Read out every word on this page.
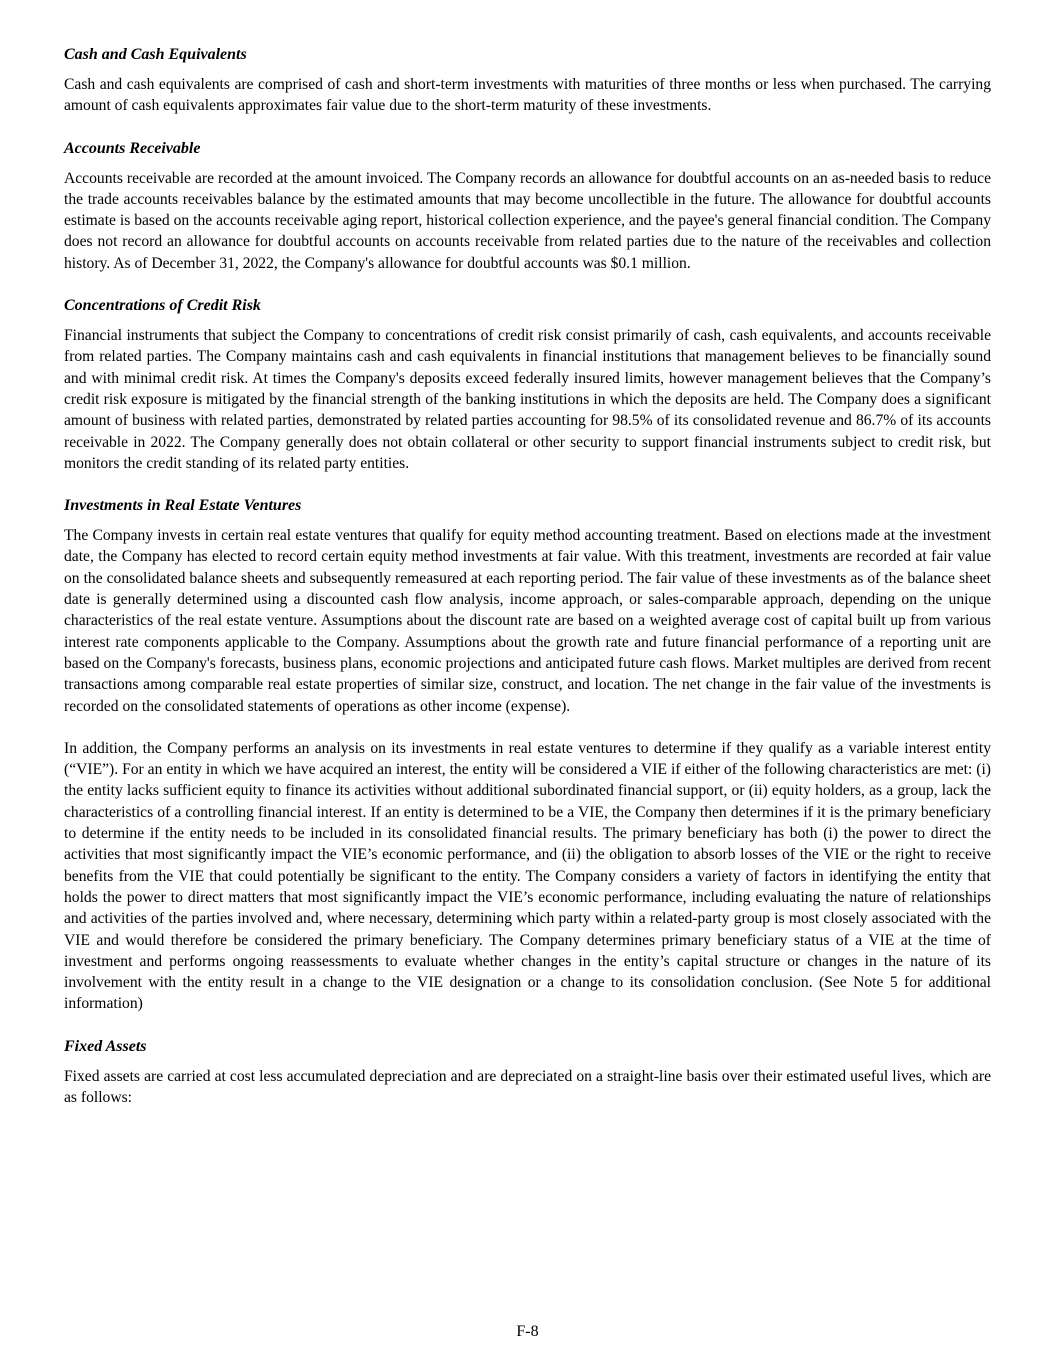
Cash and Cash Equivalents

Cash and cash equivalents are comprised of cash and short-term investments with maturities of three months or less when purchased. The carrying amount of cash equivalents approximates fair value due to the short-term maturity of these investments.

Accounts Receivable

Accounts receivable are recorded at the amount invoiced. The Company records an allowance for doubtful accounts on an as-needed basis to reduce the trade accounts receivables balance by the estimated amounts that may become uncollectible in the future. The allowance for doubtful accounts estimate is based on the accounts receivable aging report, historical collection experience, and the payee's general financial condition. The Company does not record an allowance for doubtful accounts on accounts receivable from related parties due to the nature of the receivables and collection history. As of December 31, 2022, the Company's allowance for doubtful accounts was $0.1 million.

Concentrations of Credit Risk

Financial instruments that subject the Company to concentrations of credit risk consist primarily of cash, cash equivalents, and accounts receivable from related parties. The Company maintains cash and cash equivalents in financial institutions that management believes to be financially sound and with minimal credit risk. At times the Company's deposits exceed federally insured limits, however management believes that the Company’s credit risk exposure is mitigated by the financial strength of the banking institutions in which the deposits are held. The Company does a significant amount of business with related parties, demonstrated by related parties accounting for 98.5% of its consolidated revenue and 86.7% of its accounts receivable in 2022. The Company generally does not obtain collateral or other security to support financial instruments subject to credit risk, but monitors the credit standing of its related party entities.

Investments in Real Estate Ventures

The Company invests in certain real estate ventures that qualify for equity method accounting treatment. Based on elections made at the investment date, the Company has elected to record certain equity method investments at fair value. With this treatment, investments are recorded at fair value on the consolidated balance sheets and subsequently remeasured at each reporting period. The fair value of these investments as of the balance sheet date is generally determined using a discounted cash flow analysis, income approach, or sales-comparable approach, depending on the unique characteristics of the real estate venture. Assumptions about the discount rate are based on a weighted average cost of capital built up from various interest rate components applicable to the Company. Assumptions about the growth rate and future financial performance of a reporting unit are based on the Company's forecasts, business plans, economic projections and anticipated future cash flows. Market multiples are derived from recent transactions among comparable real estate properties of similar size, construct, and location. The net change in the fair value of the investments is recorded on the consolidated statements of operations as other income (expense).

In addition, the Company performs an analysis on its investments in real estate ventures to determine if they qualify as a variable interest entity (“VIE”). For an entity in which we have acquired an interest, the entity will be considered a VIE if either of the following characteristics are met: (i) the entity lacks sufficient equity to finance its activities without additional subordinated financial support, or (ii) equity holders, as a group, lack the characteristics of a controlling financial interest. If an entity is determined to be a VIE, the Company then determines if it is the primary beneficiary to determine if the entity needs to be included in its consolidated financial results. The primary beneficiary has both (i) the power to direct the activities that most significantly impact the VIE’s economic performance, and (ii) the obligation to absorb losses of the VIE or the right to receive benefits from the VIE that could potentially be significant to the entity. The Company considers a variety of factors in identifying the entity that holds the power to direct matters that most significantly impact the VIE’s economic performance, including evaluating the nature of relationships and activities of the parties involved and, where necessary, determining which party within a related-party group is most closely associated with the VIE and would therefore be considered the primary beneficiary. The Company determines primary beneficiary status of a VIE at the time of investment and performs ongoing reassessments to evaluate whether changes in the entity’s capital structure or changes in the nature of its involvement with the entity result in a change to the VIE designation or a change to its consolidation conclusion. (See Note 5 for additional information)

Fixed Assets

Fixed assets are carried at cost less accumulated depreciation and are depreciated on a straight-line basis over their estimated useful lives, which are as follows:

F-8
